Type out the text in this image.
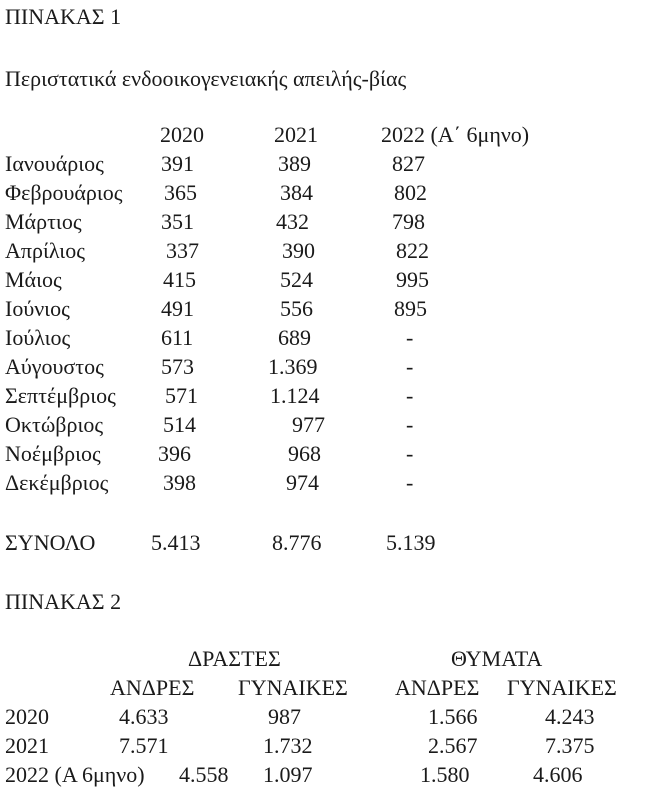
ΠΙΝΑΚΑΣ 1
Περιστατικά ενδοοικογενειακής απειλής-βίας
2020	2021	2022 (Α΄ 6μηνο)
Ιανουάριος	391	389	827
Φεβρουάριος 365	384	802
Μάρτιος	351	432	798
Απρίλιος	337	390	822
Μάιος	415	524	995
Ιούνιος	491	556	895
Ιούλιος	611	689	-
Αύγουστος	573	1.369	-
Σεπτέμβριος 571	1.124	-
Οκτώβριος	514	977	-
Νοέμβριος	396	968	-
Δεκέμβριος 398	974	-
ΣΥΝΟΛΟ	5.413	8.776	5.139
ΠΙΝΑΚΑΣ 2
ΔΡΑΣΤΕΣ	ΘΥΜΑΤΑ
ΑΝΔΡΕΣ ΓΥΝΑΙΚΕΣ ΑΝΔΡΕΣ ΓΥΝΑΙΚΕΣ
2020	4.633	987	1.566	4.243
2021	7.571	1.732	2.567	7.375
2022 (Α 6μηνο) 4.558 1.097	1.580	4.606
